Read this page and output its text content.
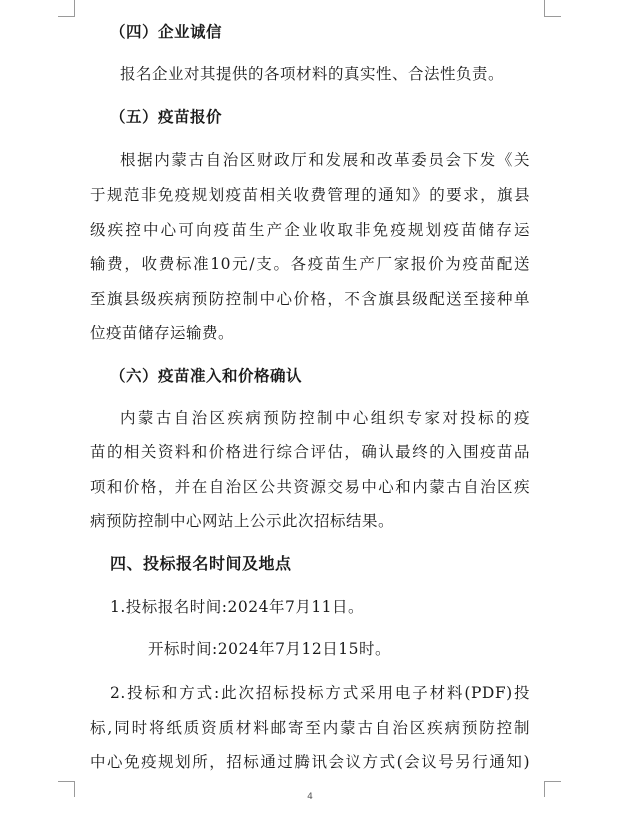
（四）企业诚信
报名企业对其提供的各项材料的真实性、合法性负责。
（五）疫苗报价
根据内蒙古自治区财政厅和发展和改革委员会下发《关
于规范非免疫规划疫苗相关收费管理的通知》的要求，旗县
级疾控中心可向疫苗生产企业收取非免疫规划疫苗储存运
输费，收费标准10元/支。各疫苗生产厂家报价为疫苗配送
至旗县级疾病预防控制中心价格，不含旗县级配送至接种单
位疫苗储存运输费。
（六）疫苗准入和价格确认
内蒙古自治区疾病预防控制中心组织专家对投标的疫
苗的相关资料和价格进行综合评估，确认最终的入围疫苗品
项和价格，并在自治区公共资源交易中心和内蒙古自治区疾
病预防控制中心网站上公示此次招标结果。
四、投标报名时间及地点
1.投标报名时间:2024年7月11日。
开标时间:2024年7月12日15时。
2.投标和方式:此次招标投标方式采用电子材料(PDF)投
标,同时将纸质资质材料邮寄至内蒙古自治区疾病预防控制
中心免疫规划所，招标通过腾讯会议方式(会议号另行通知)
4
